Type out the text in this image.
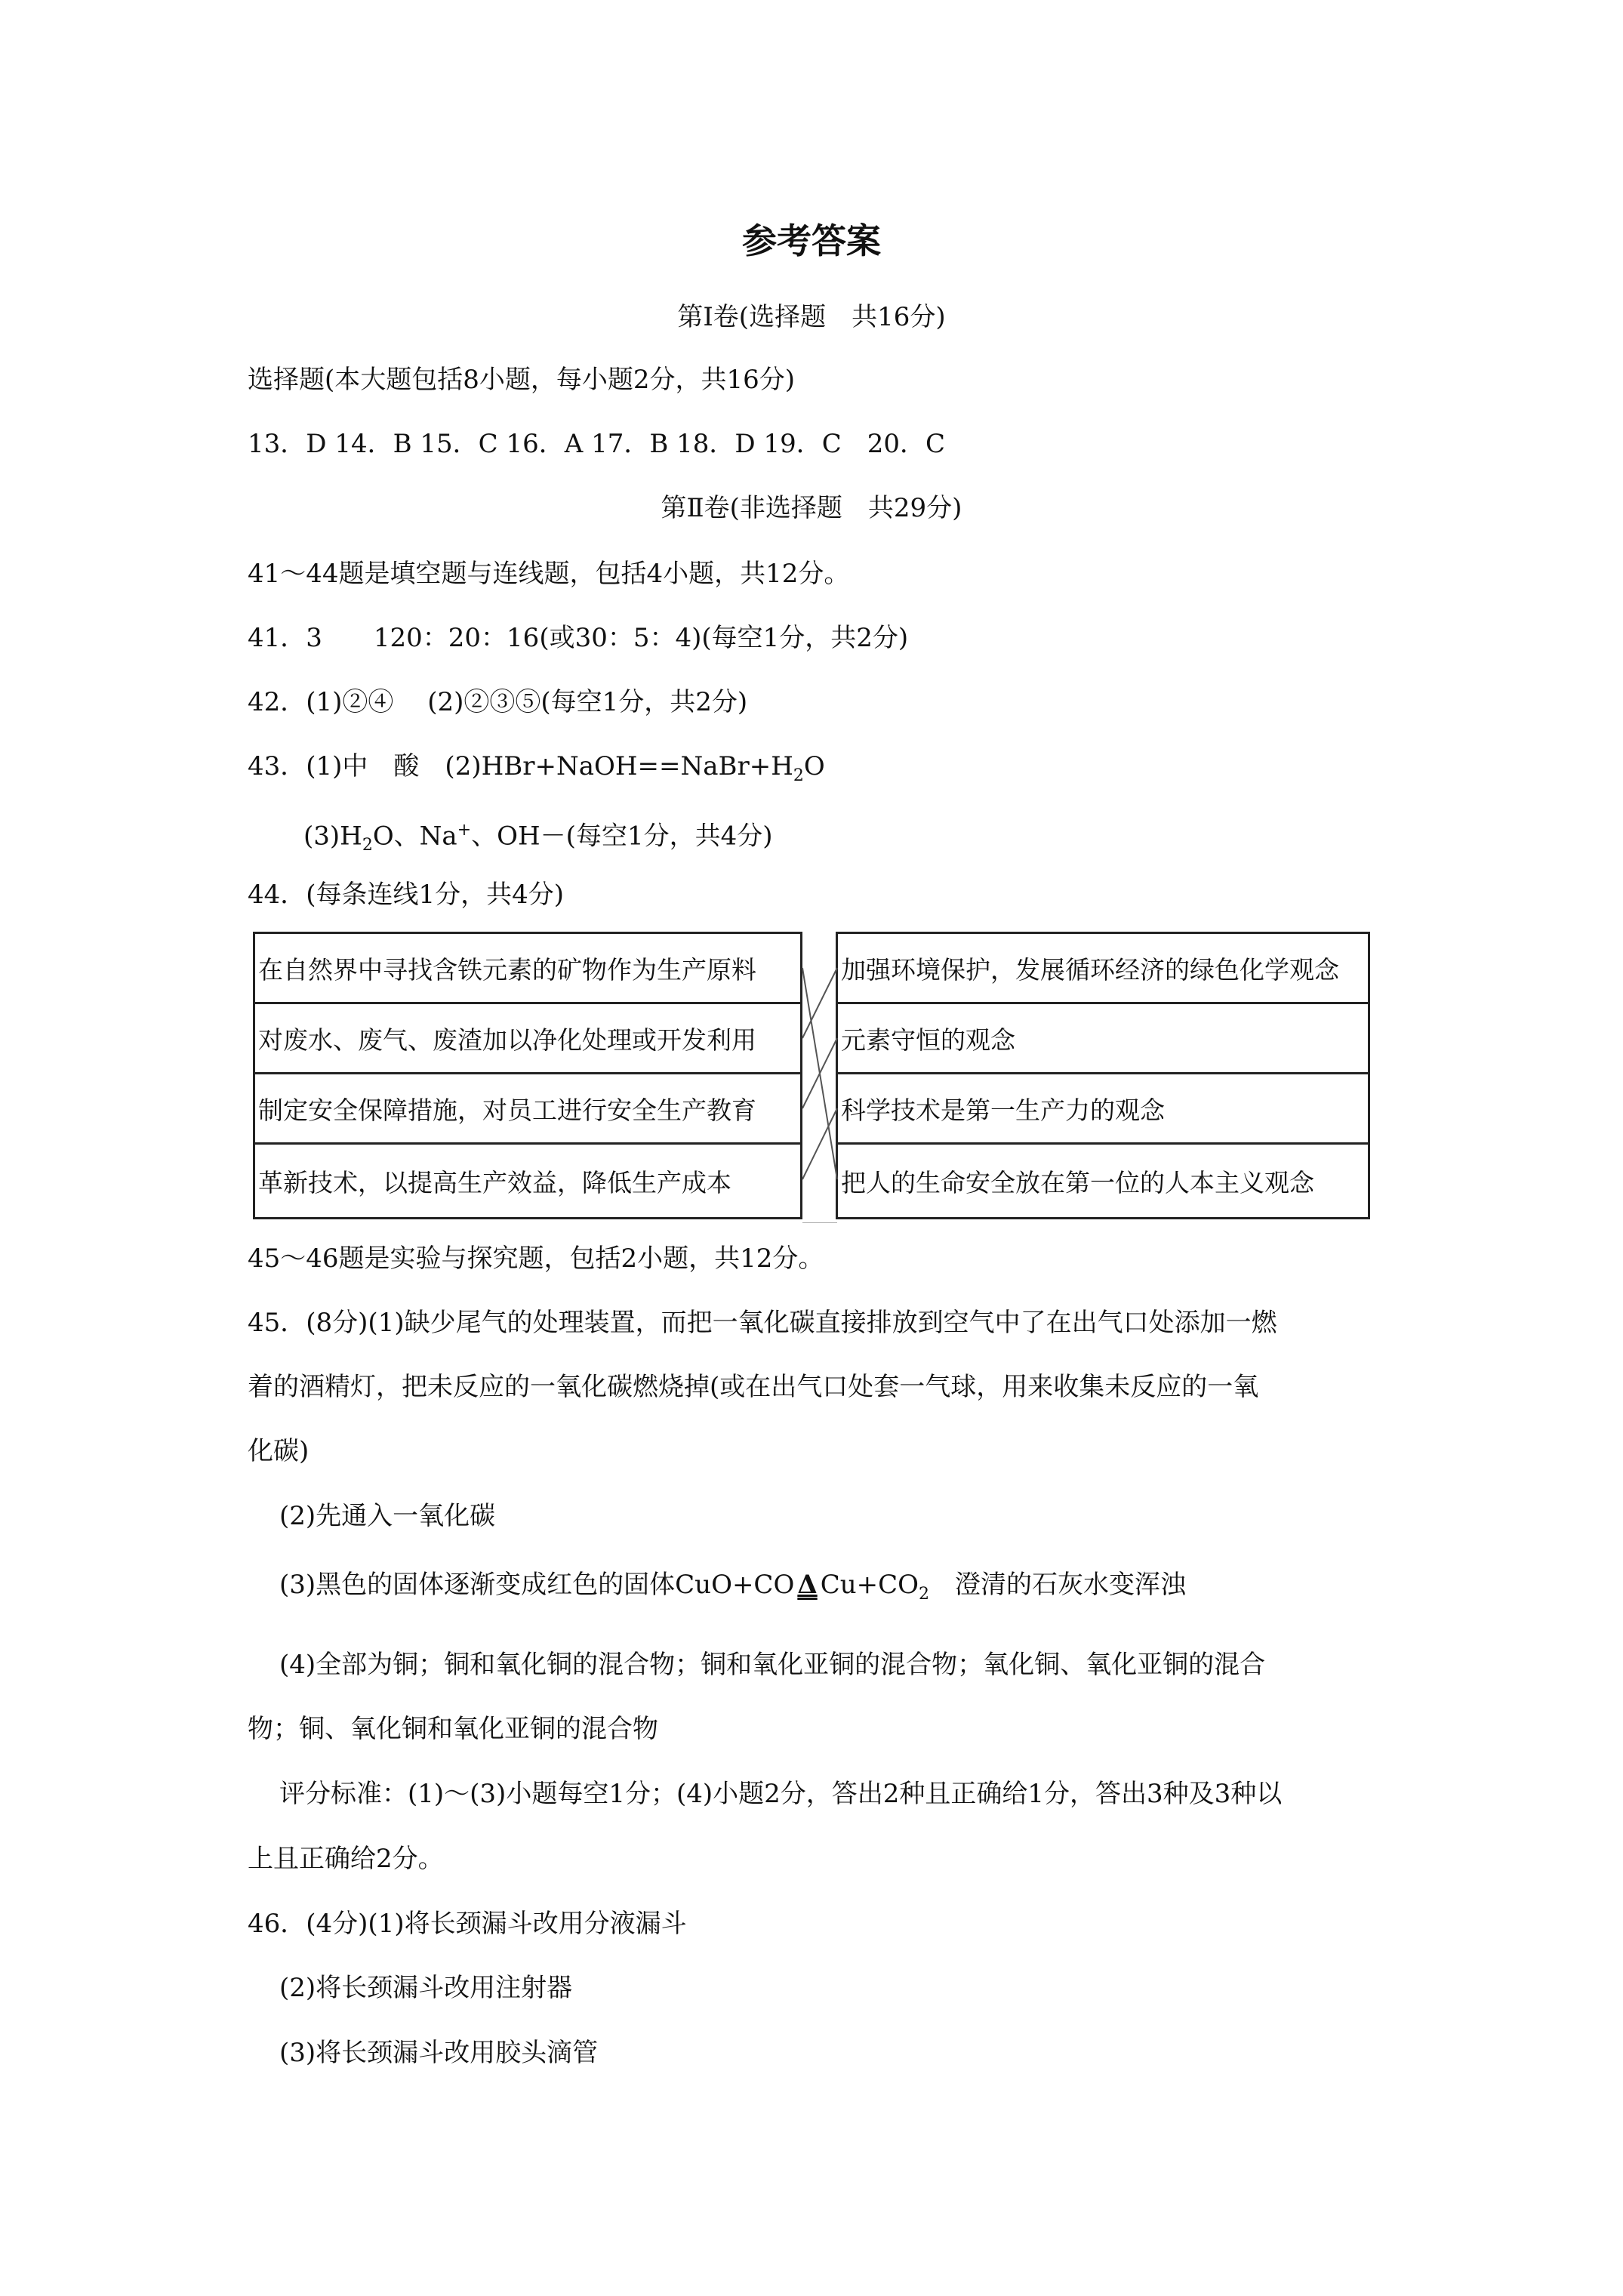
参考答案
第Ⅰ卷(选择题　共16分)
选择题(本大题包括8小题，每小题2分，共16分)
13．D 14．B 15．C 16．A 17．B 18．D 19．C　20．C
第Ⅱ卷(非选择题　共29分)
41～44题是填空题与连线题，包括4小题，共12分。
41．3　　120：20：16(或30：5：4)(每空1分，共2分)
42．(1)②④　 (2)②③⑤(每空1分，共2分)
43．(1)中　酸　$(2)HBr+NaOH==NaBr+H_2O$
$(3)H_2O$、Na+、OH－(每空1分，共4分)
44．(每条连线1分，共4分)
在自然界中寻找含铁元素的矿物作为生产原料
对废水、废气、废渣加以净化处理或开发利用
制定安全保障措施，对员工进行安全生产教育
革新技术，以提高生产效益，降低生产成本
加强环境保护，发展循环经济的绿色化学观念
元素守恒的观念
科学技术是第一生产力的观念
把人的生命安全放在第一位的人本主义观念
45～46题是实验与探究题，包括2小题，共12分。
45．(8分)(1)缺少尾气的处理装置，而把一氧化碳直接排放到空气中了在出气口处添加一燃
着的酒精灯，把未反应的一氧化碳燃烧掉(或在出气口处套一气球，用来收集未反应的一氧
化碳)
(2)先通入一氧化碳
(3)黑色的固体逐渐变成红色的固体CuO+CO Δ $Cu+CO_2$　澄清的石灰水变浑浊
(4)全部为铜；铜和氧化铜的混合物；铜和氧化亚铜的混合物；氧化铜、氧化亚铜的混合
物；铜、氧化铜和氧化亚铜的混合物
评分标准：(1)～(3)小题每空1分；(4)小题2分，答出2种且正确给1分，答出3种及3种以
上且正确给2分。
46．(4分)(1)将长颈漏斗改用分液漏斗
(2)将长颈漏斗改用注射器
(3)将长颈漏斗改用胶头滴管
